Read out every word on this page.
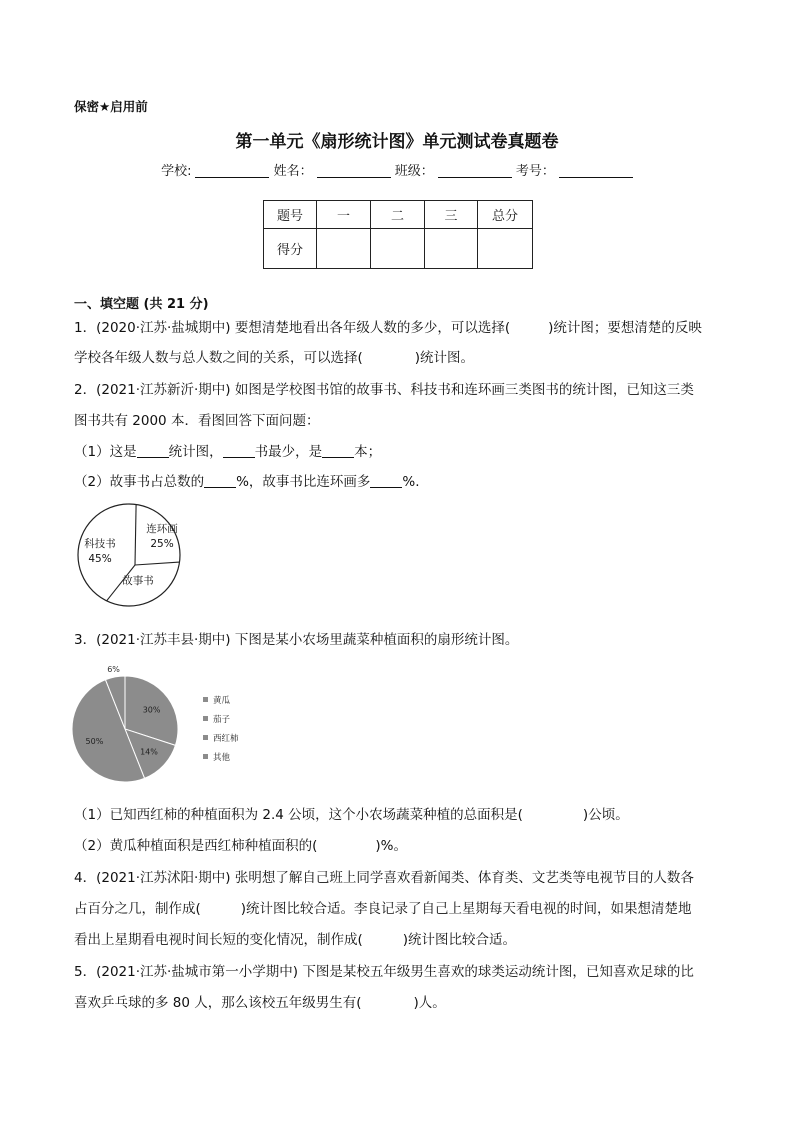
保密★启用前
第一单元《扇形统计图》单元测试卷真题卷
学校:	姓名：	班级：	考号：
题号	一	二	三	总分
得分				
一、填空题 (共 21 分)
1．(2020·江苏·盐城期中) 要想清楚地看出各年级人数的多少，可以选择(	)统计图；要想清楚的反映
学校各年级人数与总人数之间的关系，可以选择(	)统计图。
2．(2021·江苏新沂·期中) 如图是学校图书馆的故事书、科技书和连环画三类图书的统计图，已知这三类
图书共有 2000 本．看图回答下面问题：
（1）这是 统计图， 书最少，是 本；
（2）故事书占总数的 %，故事书比连环画多 %.
科技书
45%
连环画
25%
故事书
3．(2021·江苏丰县·期中) 下图是某小农场里蔬菜种植面积的扇形统计图。
30%
14%
50%
6%
黄瓜
茄子
西红柿
其他
（1）已知西红柿的种植面积为 2.4 公顷，这个小农场蔬菜种植的总面积是(	)公顷。
（2）黄瓜种植面积是西红柿种植面积的(	)%。
4．(2021·江苏沭阳·期中) 张明想了解自己班上同学喜欢看新闻类、体育类、文艺类等电视节目的人数各
占百分之几，制作成(	)统计图比较合适。李良记录了自己上星期每天看电视的时间，如果想清楚地
看出上星期看电视时间长短的变化情况，制作成(	)统计图比较合适。
5．(2021·江苏·盐城市第一小学期中) 下图是某校五年级男生喜欢的球类运动统计图，已知喜欢足球的比
喜欢乒乓球的多 80 人，那么该校五年级男生有(	)人。
